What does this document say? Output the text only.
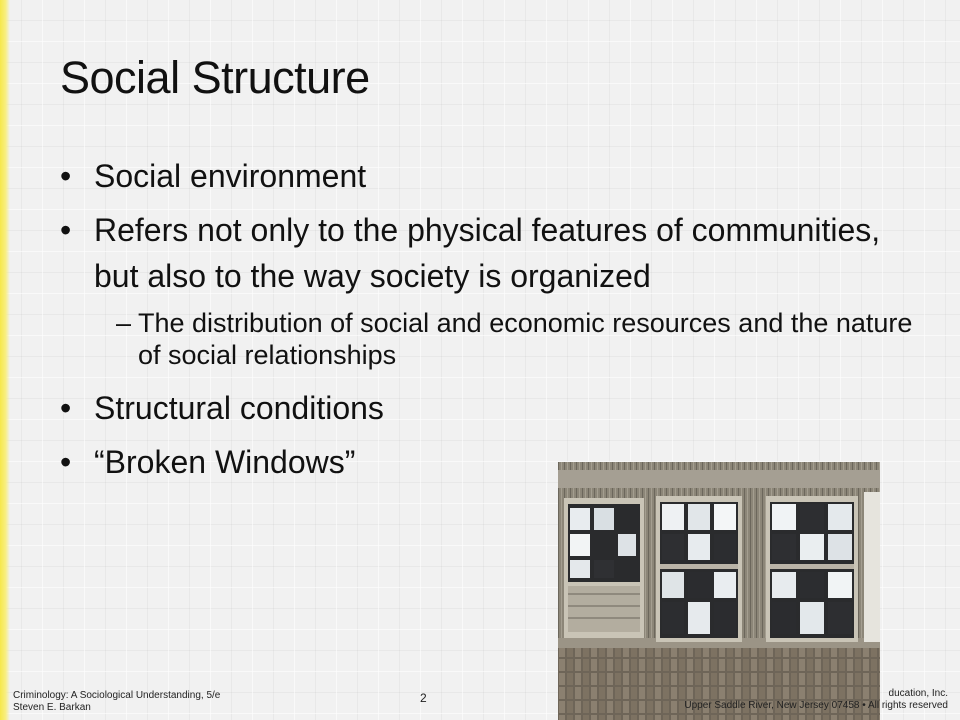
Social Structure
• Social environment
• Refers not only to the physical features of communities, but also to the way society is organized
– The distribution of social and economic resources and the nature of social relationships
• Structural conditions
• “Broken Windows”
Criminology: A Sociological Understanding, 5/e
Steven E. Barkan
2	ducation, Inc.
Upper Saddle River, New Jersey 07458 • All rights reserved
